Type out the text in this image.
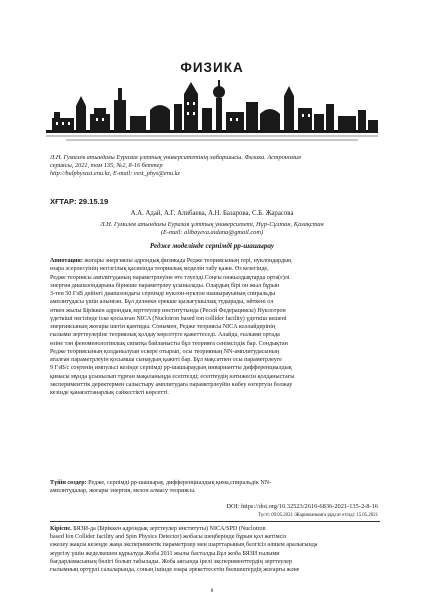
ФИЗИКА
Л.Н. Гумилев атындағы Еуразия ұлттық университетінің хабаршысы. Физика. Астрономия
сериясы, 2021, том 135, №2, 8-16 беттер
http://bulphysast.enu.kz, E-mail: vest_phys@enu.kz
ХҒТАР: 29.15.19
А.А. Адай, А.Г. Алибаева, А.Н. Базарова, С.Б. Жарасова
Л.Н. Гумилев атындағы Еуразия ұлттық университеті, Нұр-Сұлтан, Қазақстан
(E-mail: alibayeva.aidana@gmail.com)
Редже моделінде серпімді pp-шашырау
Аннотация: жоғары энергиялы адрондық физикада Редже теориясының гері, нуклондардың
өзара әсерлесуінің негізгілық қасиеінда теориялық моделін табу қажн. Өз кезегінде,
Редже теориясы амплитуданың параметрлеуіне өте тәуелді.Соңғы онжылдықтарда орта(ғ)лі
энергия диапазондарына бірнеше параметрлеу ұсынылады. Олардың бірі он жыл бұрын
3-тен 50 ГэВ дейінгі диапазондағы серпімді нуклон-нуклон шашырауының спиральды
амплитудасы үшін алынған. Бұл дәлнекн ерекше қызығушылық тудырады, өйткені ол
өткен жылы Біріккен адрондық зерттеулер институтында (Ресей Федерациясы) Нуклотрон
үдеткіші негізінде іске қосылған NICA (Nuclotron based ion collider facility) үдеткіш кешені
энергиясының жоғары шегін қамтиды. Сонымен, Редже теориясы NICA коллайдерінің
ғылыми зерттеулеріне теориялық қолдау көрсетуге қажеттеседі. Алайда, ғылыми ортада
өзіне тән феноменологиялық сипатқа байланысты бұл теорияға сенімсіздік бар. Сондықтан
Редже теориясының қолданылуын ескере отырып, осы теорияның NN-амплитудасының
аталған параметрлеуін қосымша сынаудың қажеті бар. Бұл мақсатпен осы параметрлеуге
9 ГэВ/с соңтенің импульсі кезінде серпімді pp-шашыраудың инвариантты дифференциалдық
қимасы мұнда ұсынылып тұрған мақаланыңда есептелді; есептеудің нәтижесін қолданыстағы
эксперименттік деректермен салыстыру амплитудаға параметрлеуйін көбеу өзгертуін болжау
кезінде қанағаттанарлық сәйкестікті көрсетті.
Түйін сөздер: Редже, серпімді pp-шашырау, дифференциалдық қима,спиральдік NN-
амплитудалар, жоғары энергия, мезон алмасу теориясы.
DOI: https://doi.org/10.32523/2616-6836-2021-135-2-8-16
Түсті: 09.05.2021 /Жарияланымға рұқсат етілді: 15.05.2021
Кіріспе. БЯЗИ-да (Біріккен адрондық зерттеулер институты) NICA/SPD (Nuclotron
based Ion Collider facility and Spin Physics Detector) жобасы шеңберінде бұрын қол жетімсіз
ежелеу жақсы кезеңде жаңа экспериментік параметрлер мен шарттарының белгісіз өлшем аралығында
жүргізу үшін жеделкешен құрылуда.Жоба 2011 жылы басталды.Бұл жоба БЯЗИ ғылыми
бағдарламасының бөлігі болып табылады. Жоба аясында ірелі эксперименттердің зерттеулер
ғылымның ортүрлі салаларында, соның ішінде өзара әрекеттесетін бөлшектердің жоғарғы және
8
